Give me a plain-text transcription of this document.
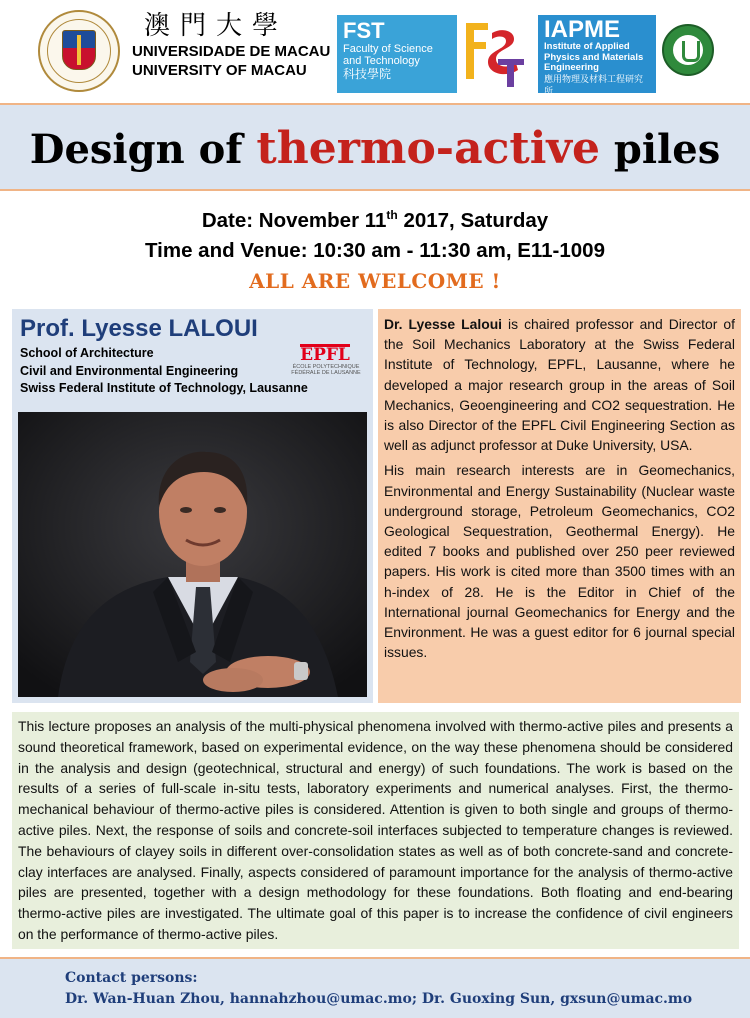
澳門大學
UNIVERSIDADE DE MACAU
UNIVERSITY OF MACAU
FST
Faculty of Science
and Technology
科技學院
IAPME
Institute of Applied
Physics and Materials
Engineering
應用物理及材料工程研究所
Design of thermo-active piles
Date: November 11th 2017, Saturday
Time and Venue: 10:30 am - 11:30 am, E11-1009
ALL ARE WELCOME !
Prof. Lyesse LALOUI
School of Architecture
Civil and Environmental Engineering
Swiss Federal Institute of Technology, Lausanne
EPFL
ÉCOLE POLYTECHNIQUE
FÉDÉRALE DE LAUSANNE

Dr. Lyesse Laloui is chaired professor and Director of the Soil Mechanics Laboratory at the Swiss Federal Institute of Technology, EPFL, Lausanne, where he developed a major research group in the areas of Soil Mechanics, Geoengineering and CO2 sequestration. He is also Director of the EPFL Civil Engineering Section as well as adjunct professor at Duke University, USA.

His main research interests are in Geomechanics, Environmental and Energy Sustainability (Nuclear waste underground storage, Petroleum Geomechanics, CO2 Geological Sequestration, Geothermal Energy). He edited 7 books and published over 250 peer reviewed papers. His work is cited more than 3500 times with an h-index of 28. He is the Editor in Chief of the International journal Geomechanics for Energy and the Environment. He was a guest editor for 6 journal special issues.

This lecture proposes an analysis of the multi-physical phenomena involved with thermo-active piles and presents a sound theoretical framework, based on experimental evidence, on the way these phenomena should be considered in the analysis and design (geotechnical, structural and energy) of such foundations. The work is based on the results of a series of full-scale in-situ tests, laboratory experiments and numerical analyses. First, the thermo-mechanical behaviour of thermo-active piles is considered. Attention is given to both single and groups of thermo-active piles. Next, the response of soils and concrete-soil interfaces subjected to temperature changes is reviewed. The behaviours of clayey soils in different over-consolidation states as well as of both concrete-sand and concrete-clay interfaces are analysed. Finally, aspects considered of paramount importance for the analysis of thermo-active piles are presented, together with a design methodology for these foundations. Both floating and end-bearing thermo-active piles are investigated. The ultimate goal of this paper is to increase the confidence of civil engineers on the performance of thermo-active piles.

Contact persons:
Dr. Wan-Huan Zhou, hannahzhou@umac.mo; Dr. Guoxing Sun, gxsun@umac.mo
